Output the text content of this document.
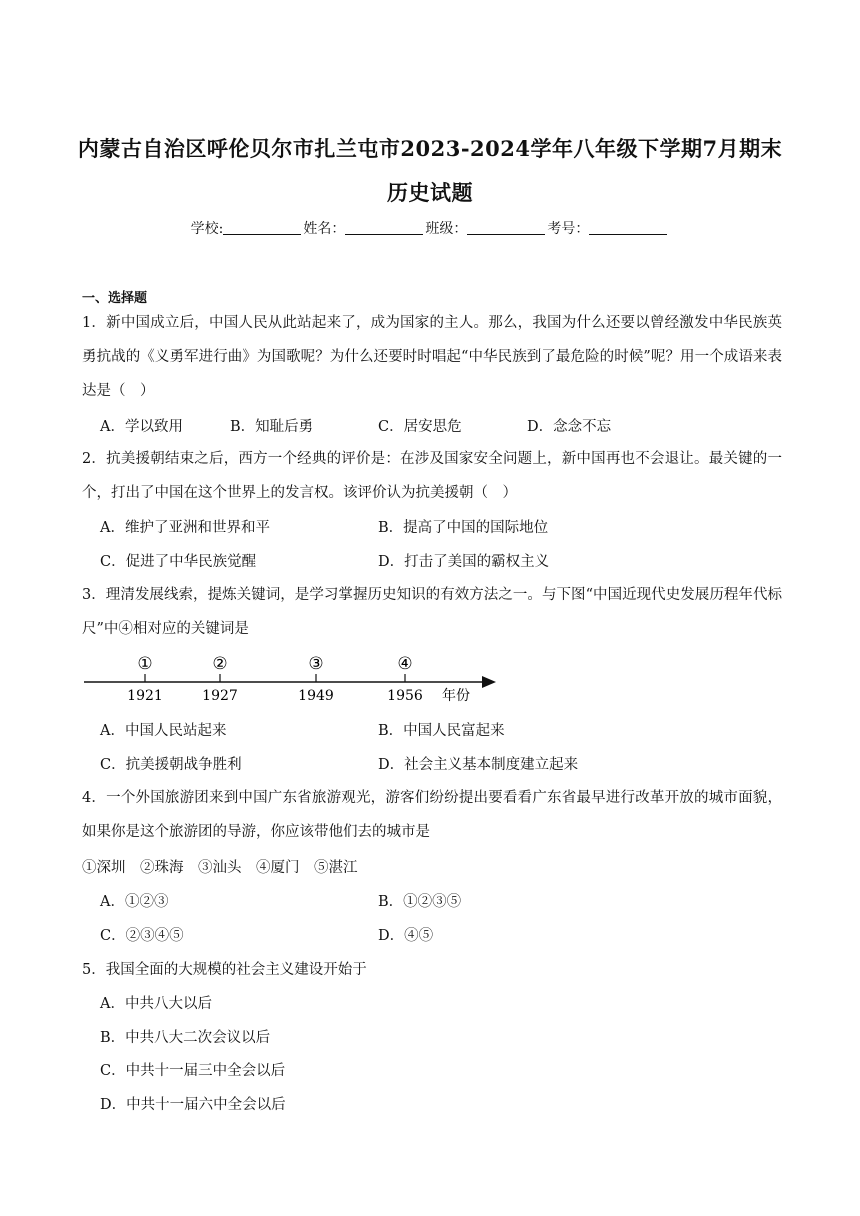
内蒙古自治区呼伦贝尔市扎兰屯市2023-2024学年八年级下学期7月期末
历史试题
学校:	姓名：	班级：	考号：
一、选择题

1．新中国成立后，中国人民从此站起来了，成为国家的主人。那么，我国为什么还要以曾经激发中华民族英勇抗战的《义勇军进行曲》为国歌呢？为什么还要时时唱起“中华民族到了最危险的时候”呢？用一个成语来表达是（　）

A．学以致用	B．知耻后勇	C．居安思危	D．念念不忘
2．抗美援朝结束之后，西方一个经典的评价是：在涉及国家安全问题上，新中国再也不会退让。最关键的一个，打出了中国在这个世界上的发言权。该评价认为抗美援朝（　）
A．维护了亚洲和世界和平	B．提高了中国的国际地位
C．促进了中华民族觉醒	D．打击了美国的霸权主义
3．理清发展线索，提炼关键词，是学习掌握历史知识的有效方法之一。与下图“中国近现代史发展历程年代标尺”中④相对应的关键词是
①	②	③	④
1921	1927	1949	1956 年份
A．中国人民站起来	B．中国人民富起来
C．抗美援朝战争胜利	D．社会主义基本制度建立起来
4．一个外国旅游团来到中国广东省旅游观光，游客们纷纷提出要看看广东省最早进行改革开放的城市面貌，如果你是这个旅游团的导游，你应该带他们去的城市是
①深圳　②珠海　③汕头　④厦门　⑤湛江
A．①②③	B．①②③⑤
C．②③④⑤	D．④⑤
5．我国全面的大规模的社会主义建设开始于
A．中共八大以后
B．中共八大二次会议以后
C．中共十一届三中全会以后
D．中共十一届六中全会以后
